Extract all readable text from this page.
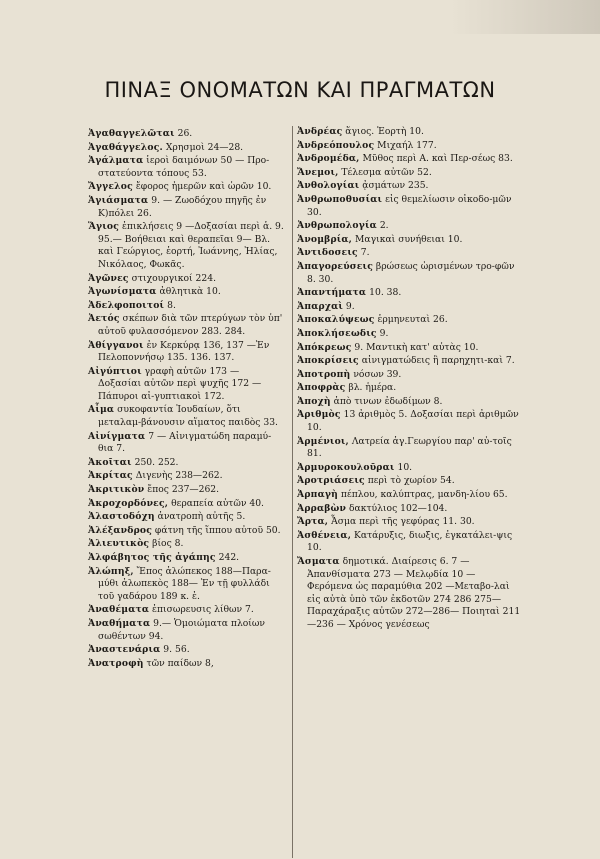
ΠΙΝΑΞ ΟΝΟΜΑΤΩΝ ΚΑΙ ΠΡΑΓΜΑΤΩΝ
Ἀγαθαγγελῶται 26.
Ἀγαθάγγελος. Χρησμοὶ 24—28.
Ἀγάλματα ἱεροὶ δαιμόνων 50 — Προ-στατεύοντα τόπους 53.
Ἄγγελος ἔφορος ἡμερῶν καὶ ὡρῶν 10.
Ἁγιάσματα 9. — Ζωοδόχου πηγῆς ἐν Κ)πόλει 26.
Ἅγιος ἐπικλήσεις 9 —Δοξασίαι περὶ ἁ. 9. 95.— Βοήθειαι καὶ θεραπεῖαι 9— Βλ. καὶ Γεώργιος, ἑορτή, Ἰωάννης, Ἠλίας, Νικόλαος, Φωκᾶς.
Ἀγῶνες στιχουργικοί 224.
Ἀγωνίσματα ἀθλητικὰ 10.
Ἀδελφοποιτοί 8.
Ἀετός σκέπων διὰ τῶν πτερύγων τὸν ὑπ' αὐτοῦ φυλασσόμενον 283. 284.
Ἀθίγγανοι ἐν Κερκύρᾳ 136, 137 —Ἐν Πελοποννήσῳ 135. 136. 137.
Αἰγύπτιοι γραφὴ αὐτῶν 173 — Δοξασίαι αὐτῶν περὶ ψυχῆς 172 —Πάπυροι αἰ-γυπτιακοὶ 172.
Αἷμα συκοφαντία Ἰουδαίων, ὅτι μεταλαμ-βάνουσιν αἵματος παιδὸς 33.
Αἰνίγματα 7 — Αἰνιγματώδη παραμύ-θια 7.
Ἀκοῖται 250. 252.
Ἀκρίτας Διγενὴς 238—262.
Ἀκριτικὸν ἔπος 237—262.
Ἀκροχορδόνες, θεραπεία αὐτῶν 40.
Ἀλαστοδόχη ἀνατροπὴ αὐτῆς 5.
Ἀλέξανδρος φάτνη τῆς ἵππου αὐτοῦ 50.
Ἀλιευτικὸς βίος 8.
Ἀλφάβητος τῆς ἀγάπης 242.
Ἀλώπηξ, Ἔπος ἀλώπεκος 188—Παρα-μύθι ἀλωπεκὸς 188— Ἐν τῇ φυλλάδι τοῦ γαδάρου 189 κ. ἑ.
Ἀναθέματα ἐπισωρευσις λίθων 7.
Ἀναθήματα 9.— Ὁμοιώματα πλοίων σωθέντων 94.
Ἀναστενάρια 9. 56.
Ἀνατροφὴ τῶν παίδων 8,
Ἀνδρέας ἅγιος. Ἑορτὴ 10.
Ἀνδρεόπουλος Μιχαήλ 177.
Ἀνδρομέδα, Μῦθος περὶ Α. καὶ Περ-σέως 83.
Ἄνεμοι, Τέλεσμα αὐτῶν 52.
Ἀνθολογίαι ᾀσμάτων 235.
Ἀνθρωποθυσίαι εἰς θεμελίωσιν οἰκοδο-μῶν 30.
Ἀνθρωπολογία 2.
Ἀνομβρία, Μαγικαὶ συνήθειαι 10.
Ἀντιδοσεις 7.
Ἀπαγορεύσεις βρώσεως ὡρισμένων τρο-φῶν 8. 30.
Ἀπαντήματα 10. 38.
Ἀπαρχαὶ 9.
Ἀποκαλύψεως ἑρμηνευταὶ 26.
Ἀποκλήσεωδις 9.
Ἀπόκρεως 9. Μαντικὴ κατ' αὐτὰς 10.
Ἀποκρίσεις αἰνιγματώδεις ἢ παρηχητι-καὶ 7.
Ἀποτροπὴ νόσων 39.
Ἀποφρὰς βλ. ἡμέρα.
Ἀποχὴ ἀπὸ τινων ἐδωδίμων 8.
Ἀριθμὸς 13 ἀριθμὸς 5. Δοξασίαι περὶ ἀριθμῶν 10.
Ἀρμένιοι, Λατρεία ἁγ.Γεωργίου παρ' αὐ-τοῖς 81.
Ἀρμυροκουλοῦραι 10.
Ἀροτριάσεις περὶ τὸ χωρίον 54.
Ἀρπαγὴ πέπλου, καλύπτρας, μανδη-λίου 65.
Ἀρραβὼν δακτύλιος 102—104.
Ἄρτα, Ἆσμα περὶ τῆς γεφύρας 11. 30.
Ἀσθένεια, Κατάρυξις, διωξις, ἐγκατάλει-ψις 10.
Ἄσματα δημοτικά. Διαίρεσις 6. 7 — Ἀπανθίσματα 273 — Μελῳδία 10 — Φερόμενα ὡς παραμύθια 202 —Μεταβο-λαὶ εἰς αὐτὰ ὑπὸ τῶν ἐκδοτῶν 274 286 275—Παραχάραξις αὐτῶν 272—286— Ποιηταὶ 211—236 — Χρόνος γενέσεως
